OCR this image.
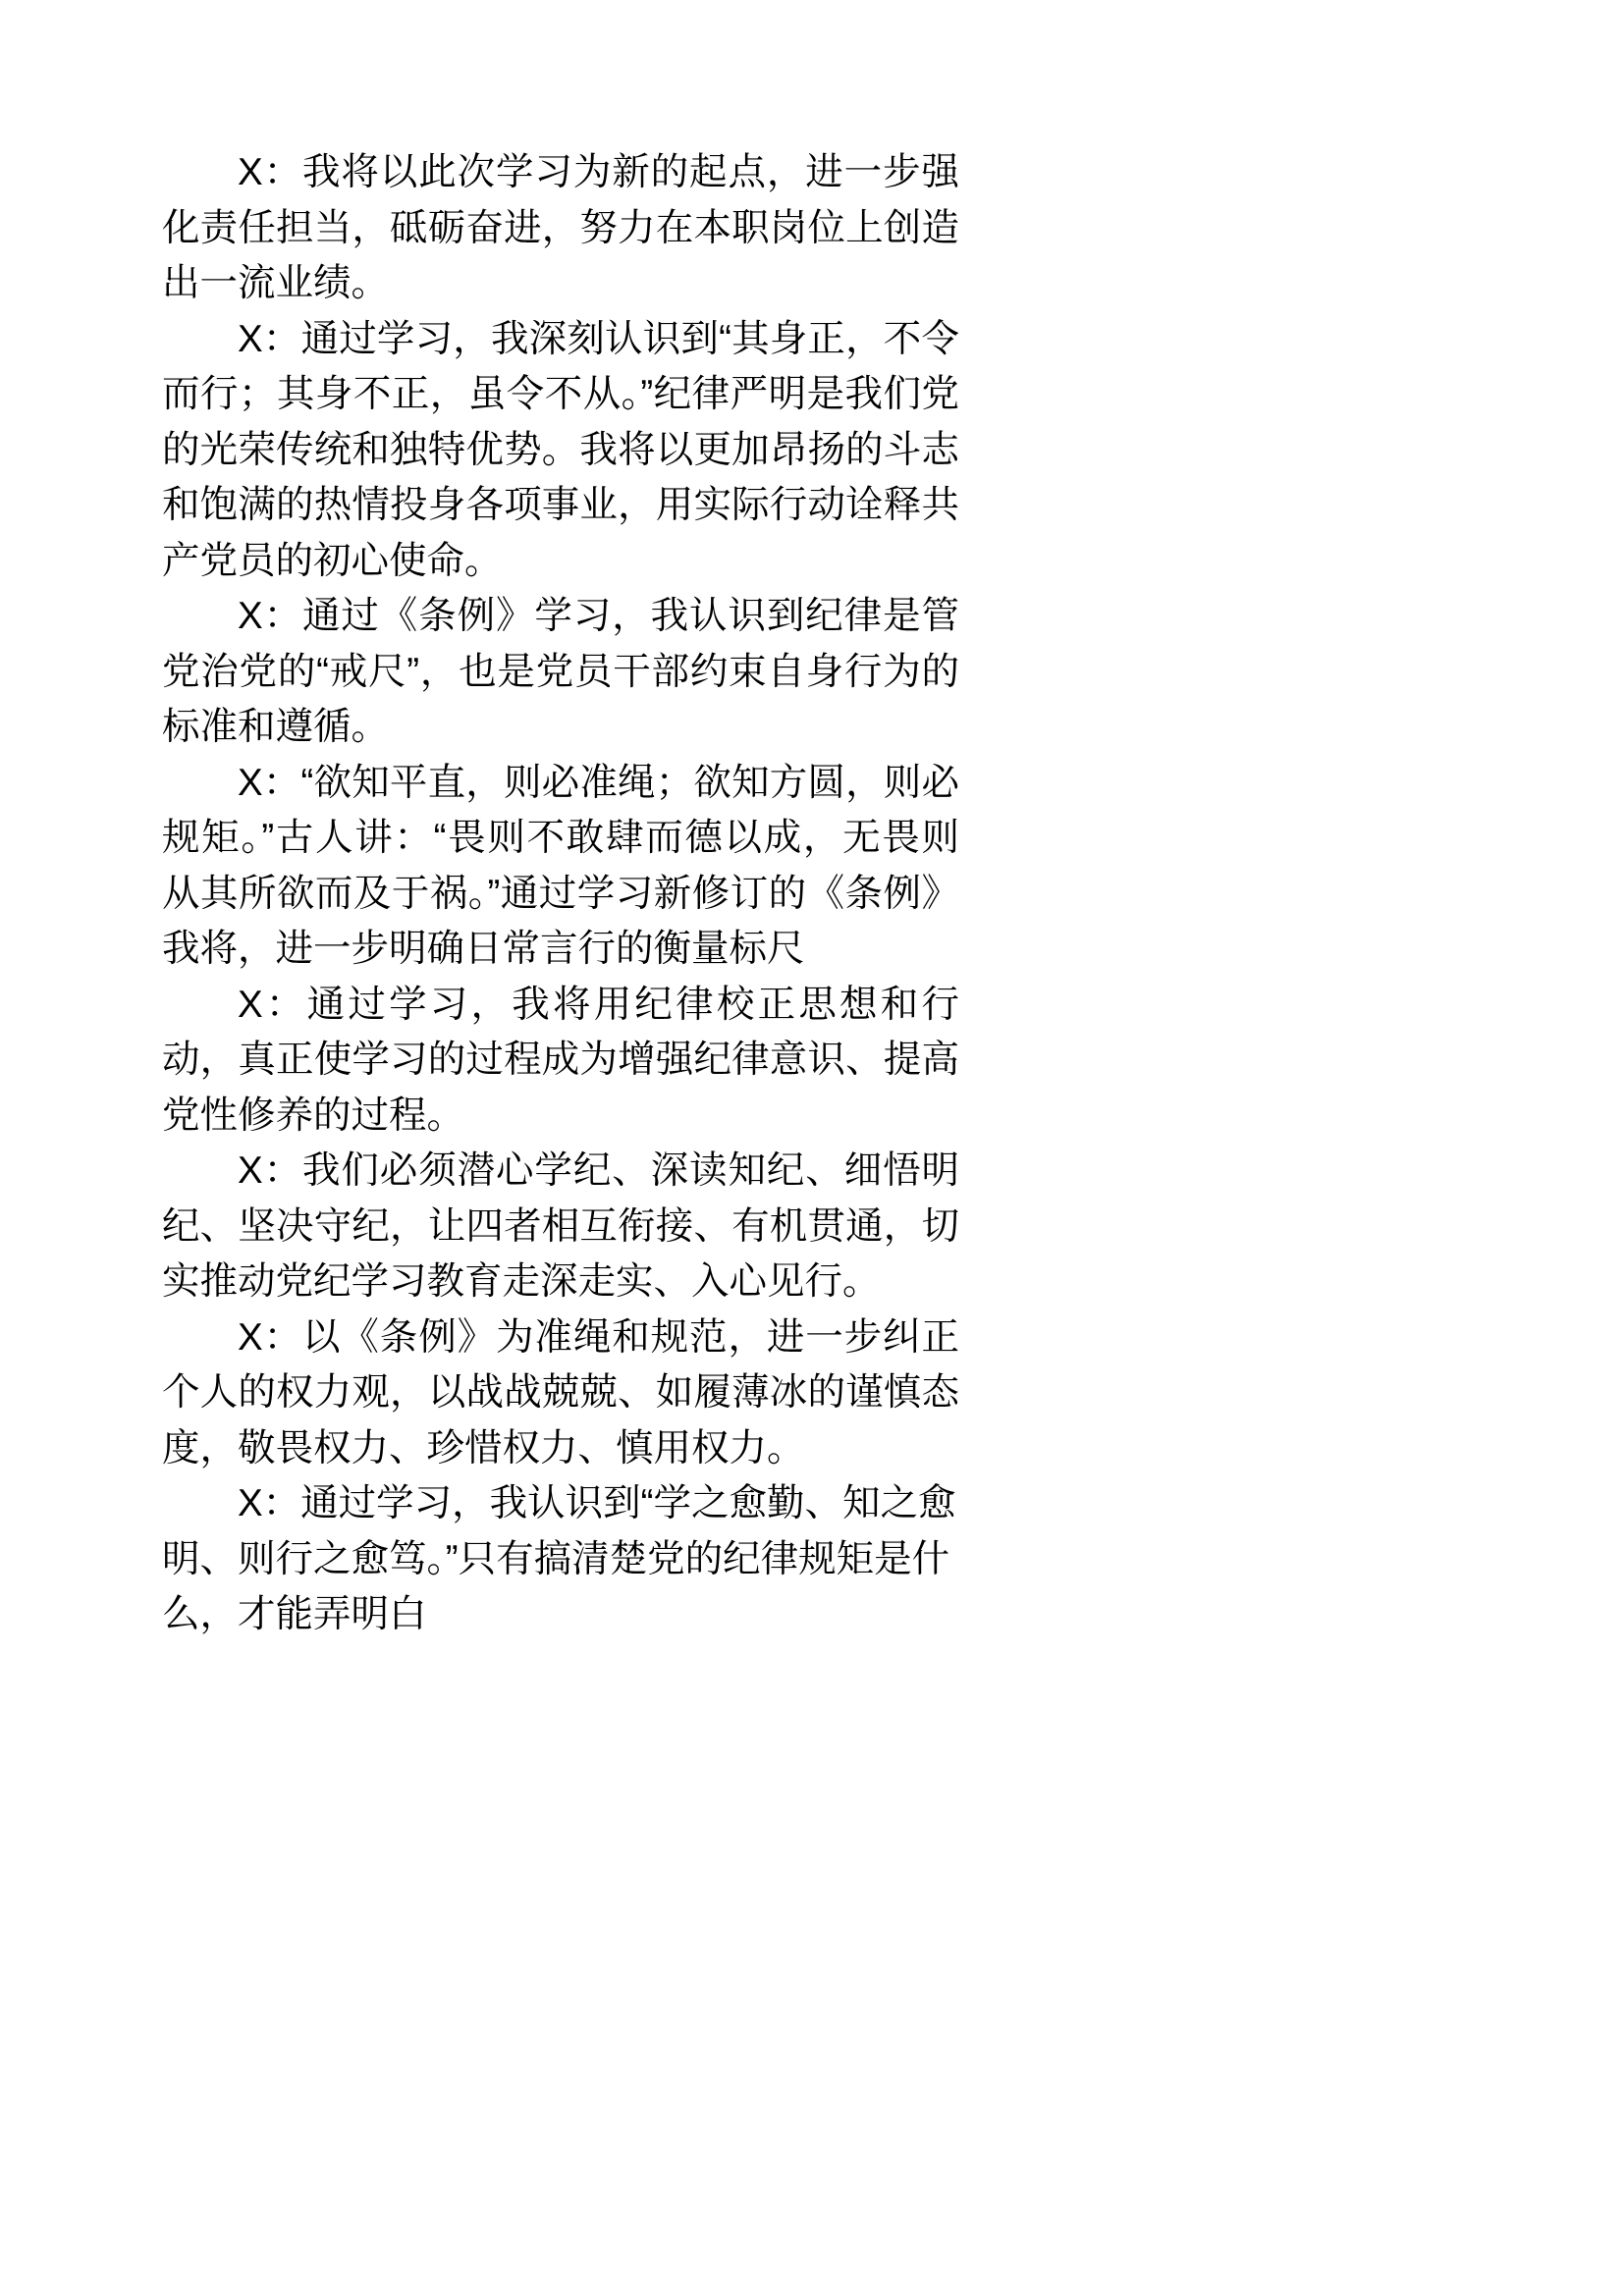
X：我将以此次学习为新的起点，进一步强化责任担当，砥砺奋进，努力在本职岗位上创造出一流业绩。

X：通过学习，我深刻认识到“其身正，不令而行；其身不正，虽令不从。”纪律严明是我们党的光荣传统和独特优势。我将以更加昂扬的斗志和饱满的热情投身各项事业，用实际行动诠释共产党员的初心使命。

X：通过《条例》学习，我认识到纪律是管党治党的“戒尺”，也是党员干部约束自身行为的标准和遵循。

X：“欲知平直，则必准绳；欲知方圆，则必规矩。”古人讲：“畏则不敢肆而德以成，无畏则从其所欲而及于祸。”通过学习新修订的《条例》我将，进一步明确日常言行的衡量标尺

X：通过学习，我将用纪律校正思想和行动，真正使学习的过程成为增强纪律意识、提高党性修养的过程。

X：我们必须潜心学纪、深读知纪、细悟明纪、坚决守纪，让四者相互衔接、有机贯通，切实推动党纪学习教育走深走实、入心见行。

X：以《条例》为准绳和规范，进一步纠正个人的权力观，以战战兢兢、如履薄冰的谨慎态度，敬畏权力、珍惜权力、慎用权力。

X：通过学习，我认识到“学之愈勤、知之愈明、则行之愈笃。”只有搞清楚党的纪律规矩是什么，才能弄明白
